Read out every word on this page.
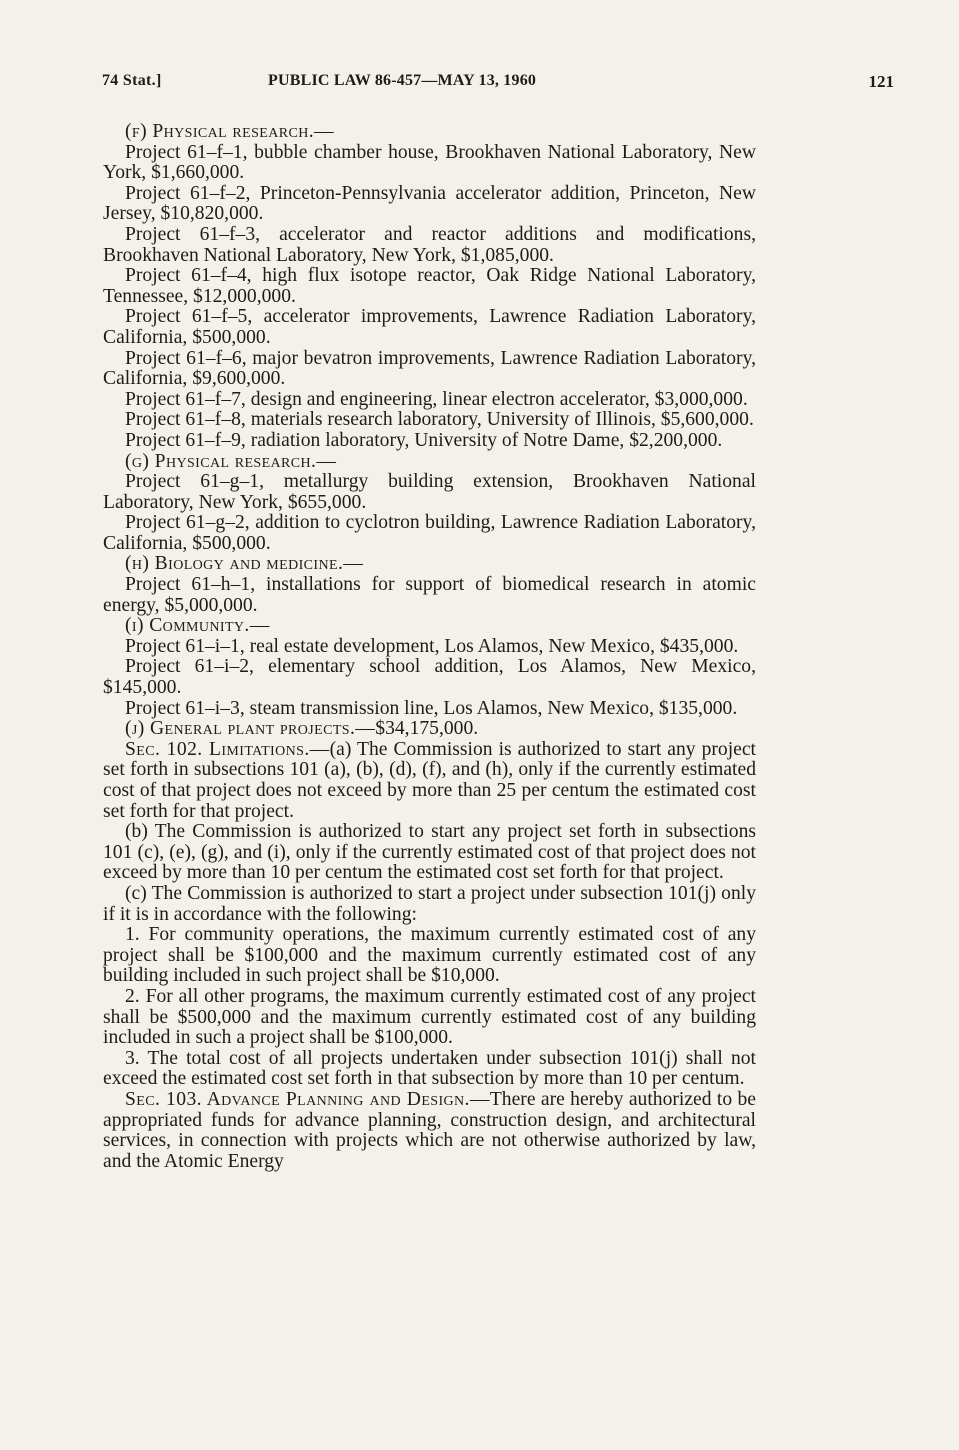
74 Stat.]	PUBLIC LAW 86-457—MAY 13, 1960	121

(f) Physical research.—

Project 61–f–1, bubble chamber house, Brookhaven National Laboratory, New York, $1,660,000.

Project 61–f–2, Princeton-Pennsylvania accelerator addition, Princeton, New Jersey, $10,820,000.

Project 61–f–3, accelerator and reactor additions and modifications, Brookhaven National Laboratory, New York, $1,085,000.

Project 61–f–4, high flux isotope reactor, Oak Ridge National Laboratory, Tennessee, $12,000,000.

Project 61–f–5, accelerator improvements, Lawrence Radiation Laboratory, California, $500,000.

Project 61–f–6, major bevatron improvements, Lawrence Radiation Laboratory, California, $9,600,000.

Project 61–f–7, design and engineering, linear electron accelerator, $3,000,000.

Project 61–f–8, materials research laboratory, University of Illinois, $5,600,000.

Project 61–f–9, radiation laboratory, University of Notre Dame, $2,200,000.

(g) Physical research.—

Project 61–g–1, metallurgy building extension, Brookhaven National Laboratory, New York, $655,000.

Project 61–g–2, addition to cyclotron building, Lawrence Radiation Laboratory, California, $500,000.

(h) Biology and medicine.—

Project 61–h–1, installations for support of biomedical research in atomic energy, $5,000,000.

(i) Community.—

Project 61–i–1, real estate development, Los Alamos, New Mexico, $435,000.

Project 61–i–2, elementary school addition, Los Alamos, New Mexico, $145,000.

Project 61–i–3, steam transmission line, Los Alamos, New Mexico, $135,000.

(j) General plant projects.—$34,175,000.

Sec. 102. Limitations.—(a) The Commission is authorized to start any project set forth in subsections 101 (a), (b), (d), (f), and (h), only if the currently estimated cost of that project does not exceed by more than 25 per centum the estimated cost set forth for that project.

(b) The Commission is authorized to start any project set forth in subsections 101 (c), (e), (g), and (i), only if the currently estimated cost of that project does not exceed by more than 10 per centum the estimated cost set forth for that project.

(c) The Commission is authorized to start a project under subsection 101(j) only if it is in accordance with the following:

1. For community operations, the maximum currently estimated cost of any project shall be $100,000 and the maximum currently estimated cost of any building included in such project shall be $10,000.

2. For all other programs, the maximum currently estimated cost of any project shall be $500,000 and the maximum currently estimated cost of any building included in such a project shall be $100,000.

3. The total cost of all projects undertaken under subsection 101(j) shall not exceed the estimated cost set forth in that subsection by more than 10 per centum.

Sec. 103. Advance Planning and Design.—There are hereby authorized to be appropriated funds for advance planning, construction design, and architectural services, in connection with projects which are not otherwise authorized by law, and the Atomic Energy
